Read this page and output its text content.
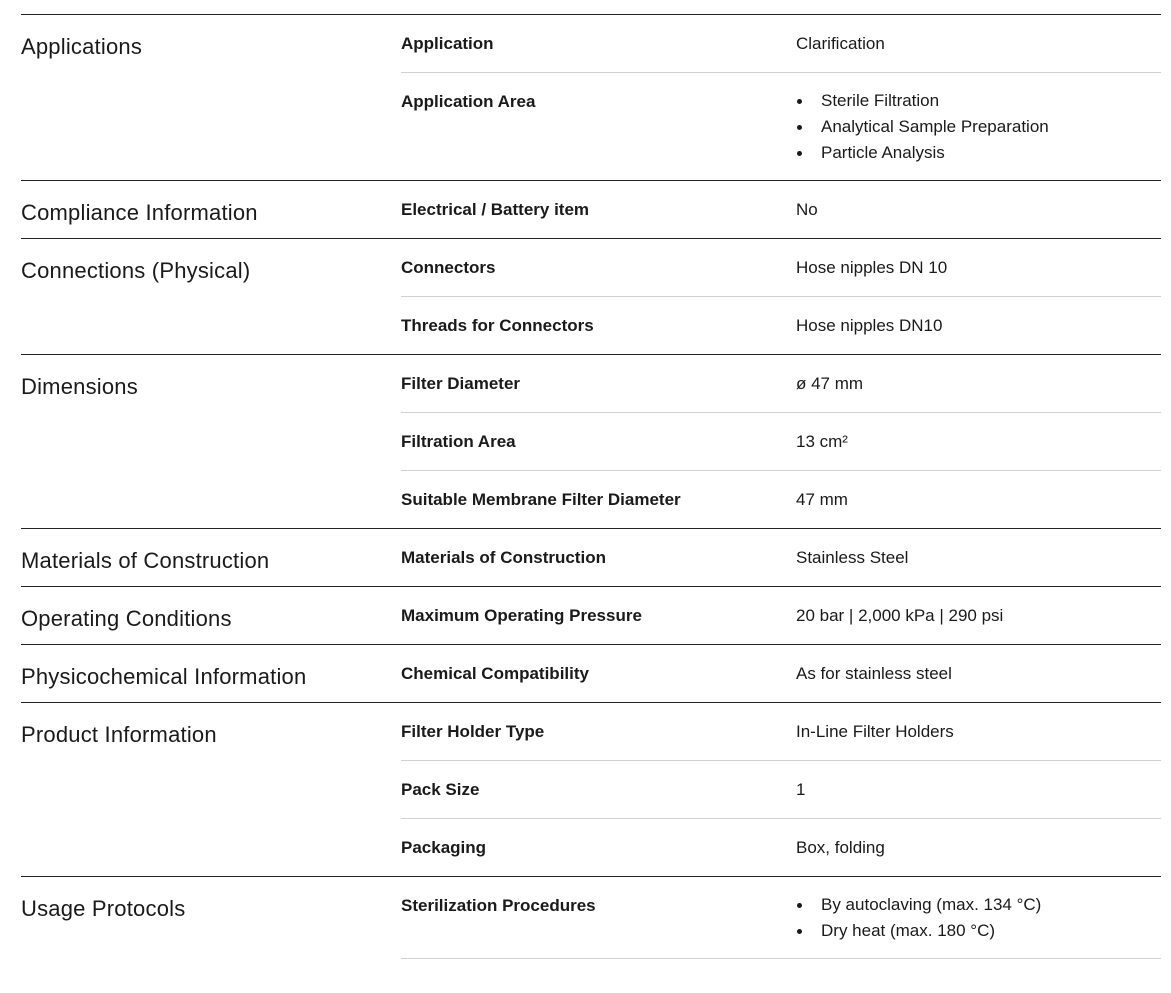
Applications	Application	Clarification
Application Area	Sterile Filtration
Analytical Sample Preparation
Particle Analysis
Compliance Information	Electrical / Battery item	No
Connections (Physical)	Connectors	Hose nipples DN 10
Threads for Connectors	Hose nipples DN10
Dimensions	Filter Diameter	ø 47 mm
Filtration Area	13 cm²
Suitable Membrane Filter Diameter	47 mm
Materials of Construction	Materials of Construction	Stainless Steel
Operating Conditions	Maximum Operating Pressure	20 bar | 2,000 kPa | 290 psi
Physicochemical Information	Chemical Compatibility	As for stainless steel
Product Information	Filter Holder Type	In-Line Filter Holders
Pack Size	1
Packaging	Box, folding
Usage Protocols	Sterilization Procedures	By autoclaving (max. 134 °C)
Dry heat (max. 180 °C)
